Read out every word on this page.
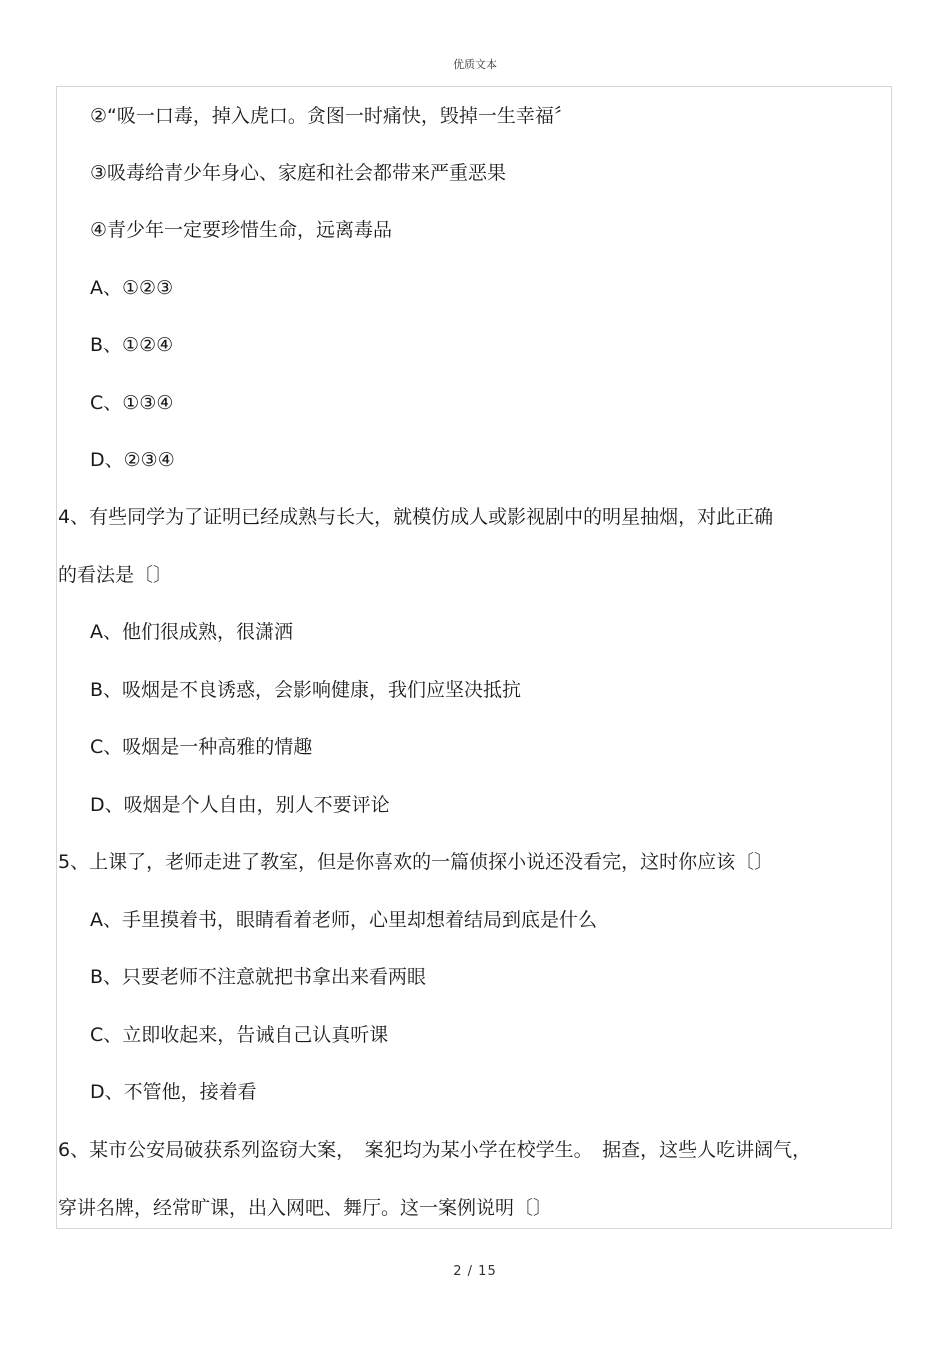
优质文本
②“吸一口毒，掉入虎口。贪图一时痛快，毁掉一生幸福〞
③吸毒给青少年身心、家庭和社会都带来严重恶果
④青少年一定要珍惜生命，远离毒品
A、①②③
B、①②④
C、①③④
D、②③④
4、有些同学为了证明已经成熟与长大，就模仿成人或影视剧中的明星抽烟，对此正确
的看法是〔〕
A、他们很成熟，很潇洒
B、吸烟是不良诱惑，会影响健康，我们应坚决抵抗
C、吸烟是一种高雅的情趣
D、吸烟是个人自由，别人不要评论
5、上课了，老师走进了教室，但是你喜欢的一篇侦探小说还没看完，这时你应该〔〕
A、手里摸着书，眼睛看着老师，心里却想着结局到底是什么
B、只要老师不注意就把书拿出来看两眼
C、立即收起来，告诫自己认真听课
D、不管他，接着看
6、某市公安局破获系列盗窃大案，　案犯均为某小学在校学生。　据查，这些人吃讲阔气，
穿讲名牌，经常旷课，出入网吧、舞厅。这一案例说明〔〕
2 / 15
